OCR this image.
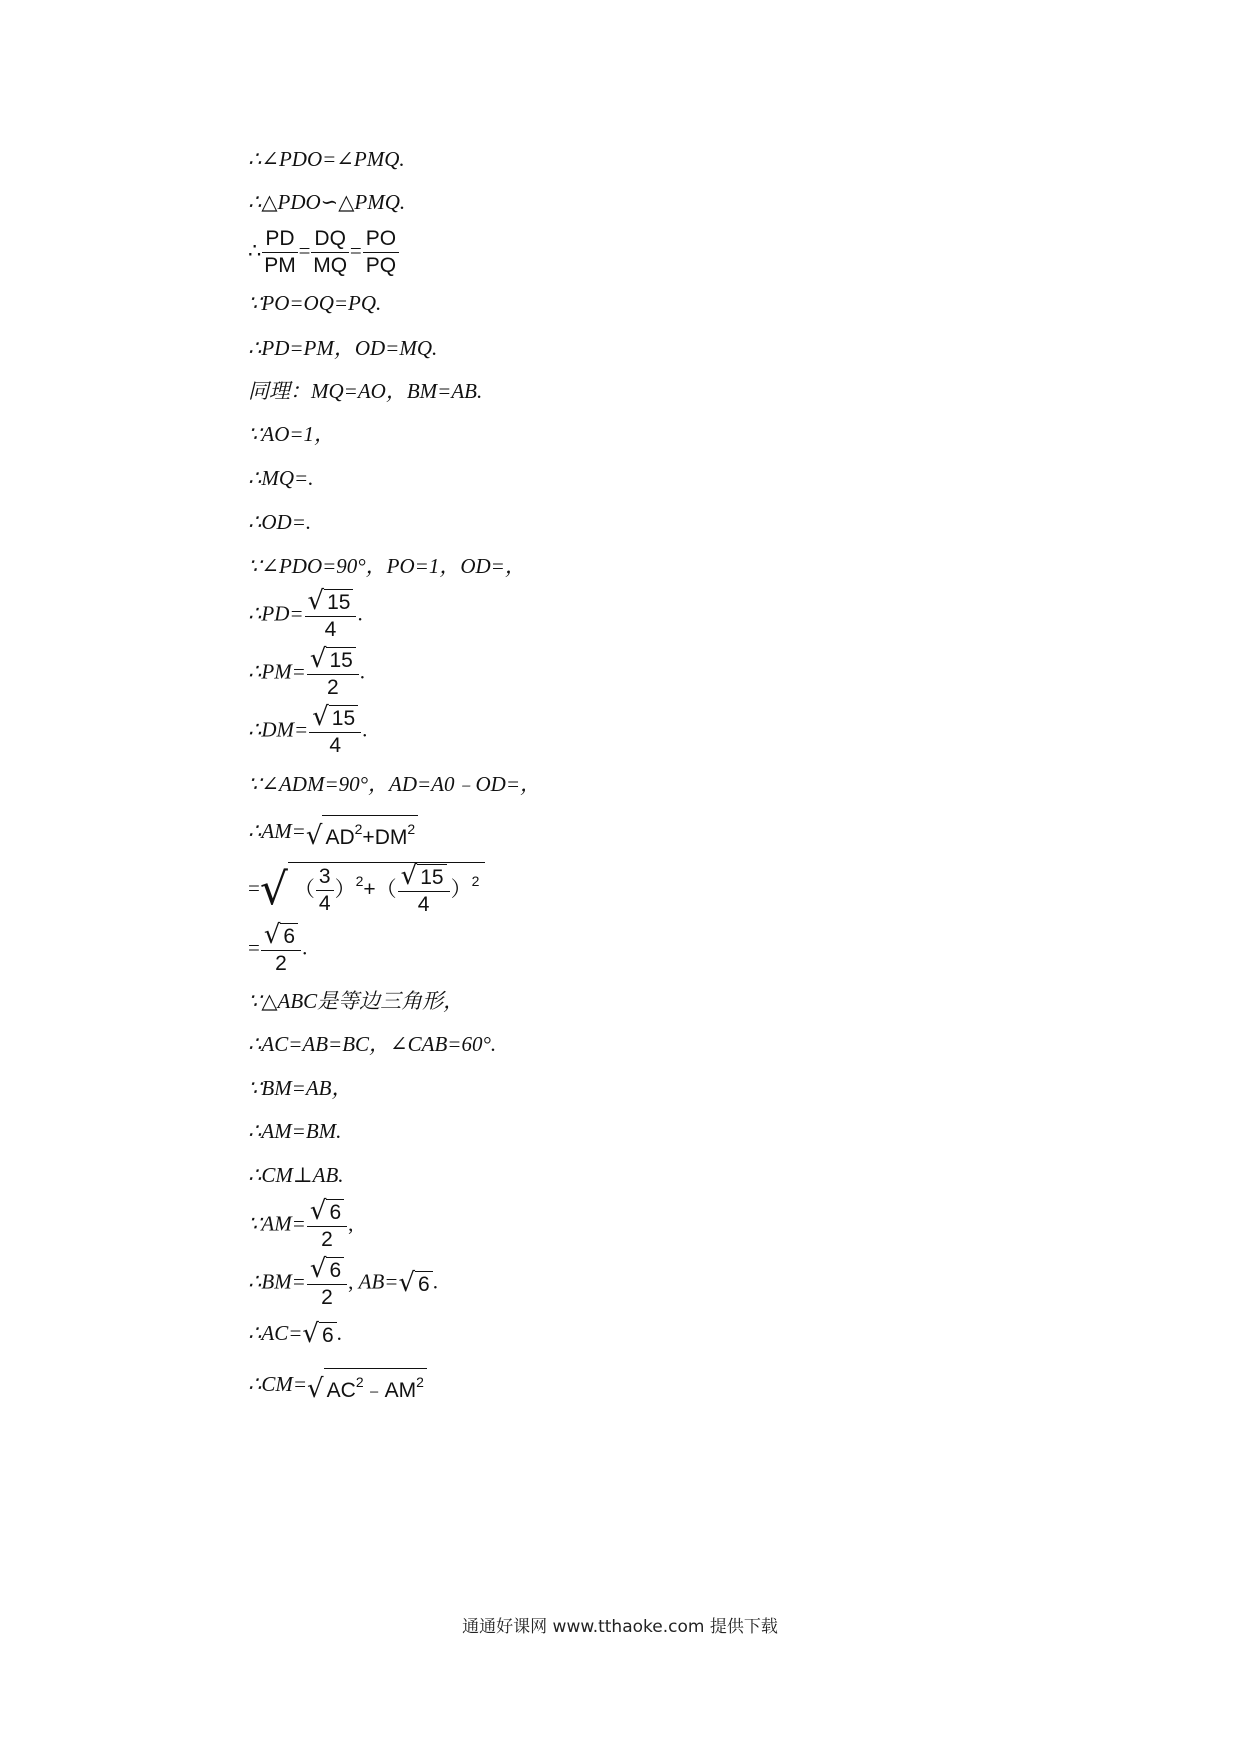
∴∠PDO=∠PMQ.
∴△PDO∽△PMQ.
∴ $\frac{PD}{PM} = \frac{DQ}{MQ} = \frac{PO}{PQ}$
∵PO=OQ=PQ.
∴PD=PM，OD=MQ.
同理：MQ=AO，BM=AB.
∵AO=1，
∴MQ=.
∴OD=.
∵∠PDO=90°，PO=1，OD=，
∴PD= $\frac{√ 15}{4}$ .
∴PM= $\frac{√ 15}{2}$ .
∴DM= $\frac{√ 15}{4}$ .
∵∠ADM=90°，AD=A0﹣OD=，
∴AM=√ $AD^2+DM^2$
=√ （ $\frac{3}{4} )^2+( \frac{√ 15}{4} )^2$
= $\frac{√ 6}{2}$ .
∵△ABC是等边三角形，
∴AC=AB=BC，∠CAB=60°.
∵BM=AB，
∴AM=BM.
∴CM⊥AB.
∵AM= $\frac{√ 6}{2}$ ,
∴BM= $\frac{√ 6}{2}$ , AB=√ 6 .
∴AC=√ 6 .
∴CM=√ $AC^2﹣AM^2$
通通好课网 www.tthaoke.com 提供下载
